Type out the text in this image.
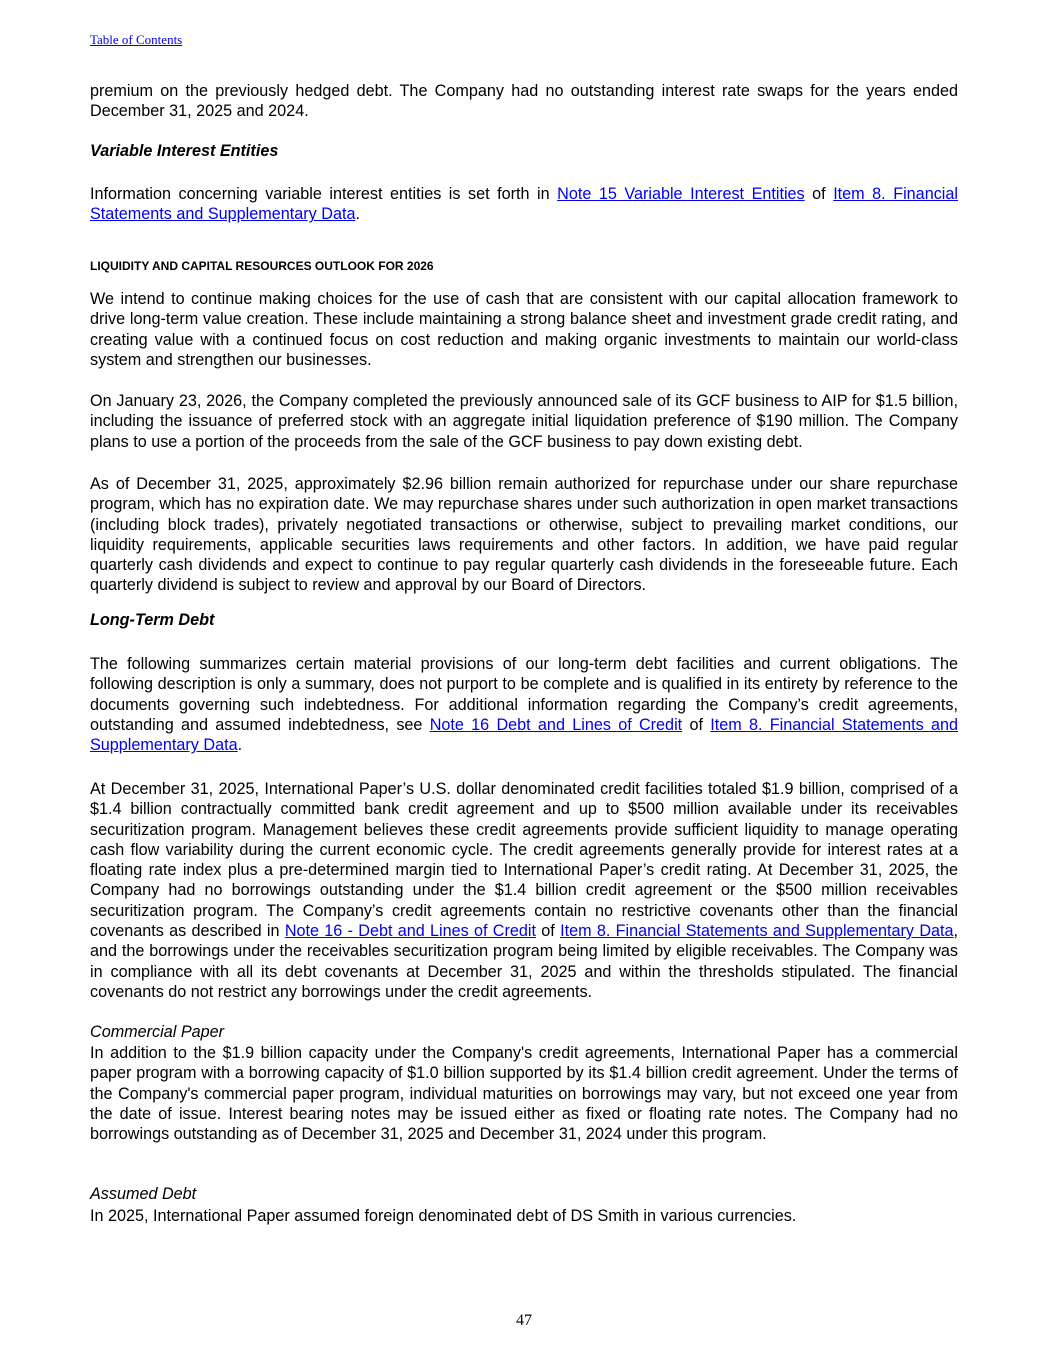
Table of Contents

premium on the previously hedged debt. The Company had no outstanding interest rate swaps for the years ended December 31, 2025 and 2024.

Variable Interest Entities

Information concerning variable interest entities is set forth in Note 15 Variable Interest Entities of Item 8. Financial Statements and Supplementary Data.

LIQUIDITY AND CAPITAL RESOURCES OUTLOOK FOR 2026

We intend to continue making choices for the use of cash that are consistent with our capital allocation framework to drive long-term value creation. These include maintaining a strong balance sheet and investment grade credit rating, and creating value with a continued focus on cost reduction and making organic investments to maintain our world-class system and strengthen our businesses.

On January 23, 2026, the Company completed the previously announced sale of its GCF business to AIP for $1.5 billion, including the issuance of preferred stock with an aggregate initial liquidation preference of $190 million. The Company plans to use a portion of the proceeds from the sale of the GCF business to pay down existing debt.

As of December 31, 2025, approximately $2.96 billion remain authorized for repurchase under our share repurchase program, which has no expiration date. We may repurchase shares under such authorization in open market transactions (including block trades), privately negotiated transactions or otherwise, subject to prevailing market conditions, our liquidity requirements, applicable securities laws requirements and other factors. In addition, we have paid regular quarterly cash dividends and expect to continue to pay regular quarterly cash dividends in the foreseeable future. Each quarterly dividend is subject to review and approval by our Board of Directors.

Long-Term Debt

The following summarizes certain material provisions of our long-term debt facilities and current obligations. The following description is only a summary, does not purport to be complete and is qualified in its entirety by reference to the documents governing such indebtedness. For additional information regarding the Company’s credit agreements, outstanding and assumed indebtedness, see Note 16 Debt and Lines of Credit of Item 8. Financial Statements and Supplementary Data.

At December 31, 2025, International Paper’s U.S. dollar denominated credit facilities totaled $1.9 billion, comprised of a $1.4 billion contractually committed bank credit agreement and up to $500 million available under its receivables securitization program. Management believes these credit agreements provide sufficient liquidity to manage operating cash flow variability during the current economic cycle. The credit agreements generally provide for interest rates at a floating rate index plus a pre-determined margin tied to International Paper’s credit rating. At December 31, 2025, the Company had no borrowings outstanding under the $1.4 billion credit agreement or the $500 million receivables securitization program. The Company’s credit agreements contain no restrictive covenants other than the financial covenants as described in Note 16 - Debt and Lines of Credit of Item 8. Financial Statements and Supplementary Data, and the borrowings under the receivables securitization program being limited by eligible receivables. The Company was in compliance with all its debt covenants at December 31, 2025 and within the thresholds stipulated. The financial covenants do not restrict any borrowings under the credit agreements.

Commercial Paper

In addition to the $1.9 billion capacity under the Company's credit agreements, International Paper has a commercial paper program with a borrowing capacity of $1.0 billion supported by its $1.4 billion credit agreement. Under the terms of the Company's commercial paper program, individual maturities on borrowings may vary, but not exceed one year from the date of issue. Interest bearing notes may be issued either as fixed or floating rate notes. The Company had no borrowings outstanding as of December 31, 2025 and December 31, 2024 under this program.

Assumed Debt

In 2025, International Paper assumed foreign denominated debt of DS Smith in various currencies.

47
